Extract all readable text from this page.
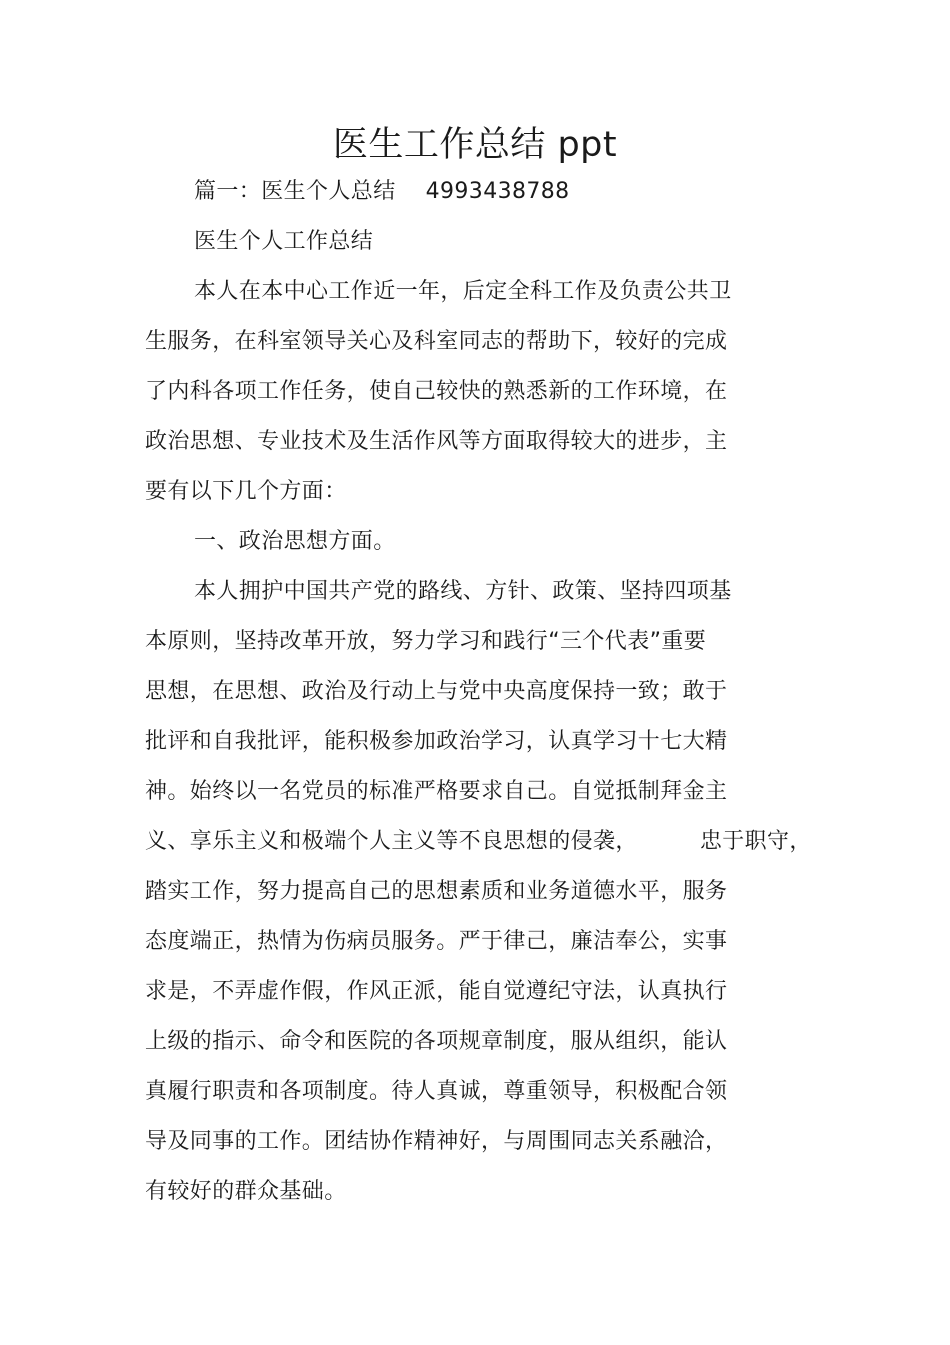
医生工作总结 ppt
篇一：医生个人总结 4993438788
医生个人工作总结
本人在本中心工作近一年，后定全科工作及负责公共卫
生服务，在科室领导关心及科室同志的帮助下，较好的完成
了内科各项工作任务，使自己较快的熟悉新的工作环境，在
政治思想、专业技术及生活作风等方面取得较大的进步，主
要有以下几个方面：
一、政治思想方面。
本人拥护中国共产党的路线、方针、政策、坚持四项基
本原则，坚持改革开放，努力学习和践行“三个代表”重要
思想，在思想、政治及行动上与党中央高度保持一致；敢于
批评和自我批评，能积极参加政治学习，认真学习十七大精
神。始终以一名党员的标准严格要求自己。自觉抵制拜金主
义、享乐主义和极端个人主义等不良思想的侵袭，	忠于职守，
踏实工作，努力提高自己的思想素质和业务道德水平，服务
态度端正，热情为伤病员服务。严于律己，廉洁奉公，实事
求是，不弄虚作假，作风正派，能自觉遵纪守法，认真执行
上级的指示、命令和医院的各项规章制度，服从组织，能认
真履行职责和各项制度。待人真诚，尊重领导，积极配合领
导及同事的工作。团结协作精神好，与周围同志关系融洽，
有较好的群众基础。
